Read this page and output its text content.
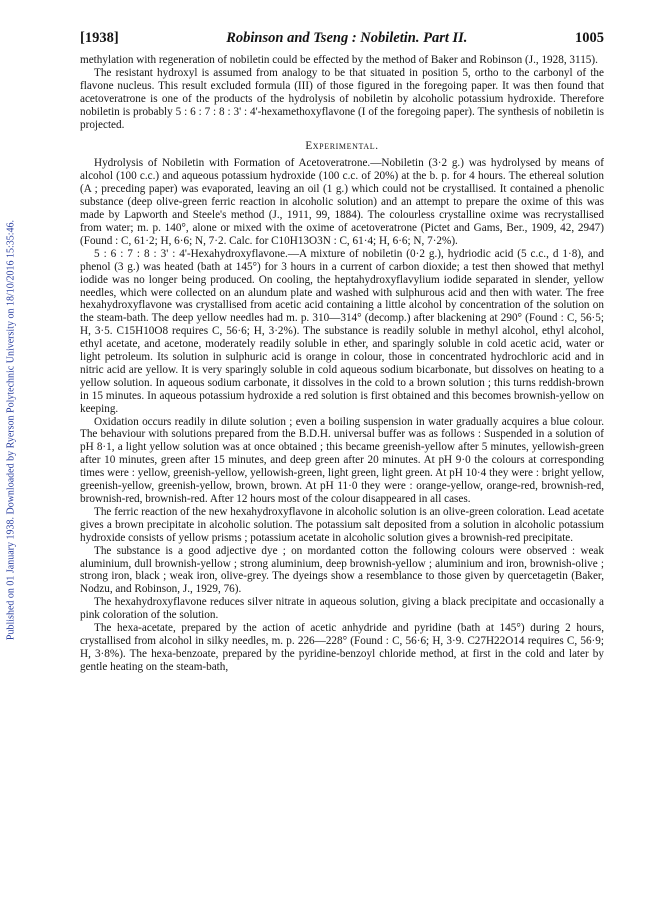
Published on 01 January 1938. Downloaded by Ryerson Polytechnic University on 18/10/2016 15:35:46.
[1938]	Robinson and Tseng : Nobiletin. Part II.	1005

methylation with regeneration of nobiletin could be effected by the method of Baker and Robinson (J., 1928, 3115).

The resistant hydroxyl is assumed from analogy to be that situated in position 5, ortho to the carbonyl of the flavone nucleus. This result excluded formula (III) of those figured in the foregoing paper. It was then found that acetoveratrone is one of the products of the hydrolysis of nobiletin by alcoholic potassium hydroxide. Therefore nobiletin is probably 5 : 6 : 7 : 8 : 3' : 4'-hexamethoxyflavone (I of the foregoing paper). The synthesis of nobiletin is projected.

Experimental.

Hydrolysis of Nobiletin with Formation of Acetoveratrone.—Nobiletin (3·2 g.) was hydrolysed by means of alcohol (100 c.c.) and aqueous potassium hydroxide (100 c.c. of 20%) at the b. p. for 4 hours. The ethereal solution (A ; preceding paper) was evaporated, leaving an oil (1 g.) which could not be crystallised. It contained a phenolic substance (deep olive-green ferric reaction in alcoholic solution) and an attempt to prepare the oxime of this was made by Lapworth and Steele's method (J., 1911, 99, 1884). The colourless crystalline oxime was recrystallised from water; m. p. 140°, alone or mixed with the oxime of acetoveratrone (Pictet and Gams, Ber., 1909, 42, 2947) (Found : C, 61·2; H, 6·6; N, 7·2. Calc. for C10H13O3N : C, 61·4; H, 6·6; N, 7·2%).

5 : 6 : 7 : 8 : 3' : 4'-Hexahydroxyflavone.—A mixture of nobiletin (0·2 g.), hydriodic acid (5 c.c., d 1·8), and phenol (3 g.) was heated (bath at 145°) for 3 hours in a current of carbon dioxide; a test then showed that methyl iodide was no longer being produced. On cooling, the heptahydroxyflavylium iodide separated in slender, yellow needles, which were collected on an alundum plate and washed with sulphurous acid and then with water. The free hexahydroxyflavone was crystallised from acetic acid containing a little alcohol by concentration of the solution on the steam-bath. The deep yellow needles had m. p. 310—314° (decomp.) after blackening at 290° (Found : C, 56·5; H, 3·5. C15H10O8 requires C, 56·6; H, 3·2%). The substance is readily soluble in methyl alcohol, ethyl alcohol, ethyl acetate, and acetone, moderately readily soluble in ether, and sparingly soluble in cold acetic acid, water or light petroleum. Its solution in sulphuric acid is orange in colour, those in concentrated hydrochloric acid and in nitric acid are yellow. It is very sparingly soluble in cold aqueous sodium bicarbonate, but dissolves on heating to a yellow solution. In aqueous sodium carbonate, it dissolves in the cold to a brown solution ; this turns reddish-brown in 15 minutes. In aqueous potassium hydroxide a red solution is first obtained and this becomes brownish-yellow on keeping.

Oxidation occurs readily in dilute solution ; even a boiling suspension in water gradually acquires a blue colour. The behaviour with solutions prepared from the B.D.H. universal buffer was as follows : Suspended in a solution of pH 8·1, a light yellow solution was at once obtained ; this became greenish-yellow after 5 minutes, yellowish-green after 10 minutes, green after 15 minutes, and deep green after 20 minutes. At pH 9·0 the colours at corresponding times were : yellow, greenish-yellow, yellowish-green, light green, light green. At pH 10·4 they were : bright yellow, greenish-yellow, greenish-yellow, brown, brown. At pH 11·0 they were : orange-yellow, orange-red, brownish-red, brownish-red, brownish-red. After 12 hours most of the colour disappeared in all cases.

The ferric reaction of the new hexahydroxyflavone in alcoholic solution is an olive-green coloration. Lead acetate gives a brown precipitate in alcoholic solution. The potassium salt deposited from a solution in alcoholic potassium hydroxide consists of yellow prisms ; potassium acetate in alcoholic solution gives a brownish-red precipitate.

The substance is a good adjective dye ; on mordanted cotton the following colours were observed : weak aluminium, dull brownish-yellow ; strong aluminium, deep brownish-yellow ; aluminium and iron, brownish-olive ; strong iron, black ; weak iron, olive-grey. The dyeings show a resemblance to those given by quercetagetin (Baker, Nodzu, and Robinson, J., 1929, 76).

The hexahydroxyflavone reduces silver nitrate in aqueous solution, giving a black precipitate and occasionally a pink coloration of the solution.

The hexa-acetate, prepared by the action of acetic anhydride and pyridine (bath at 145°) during 2 hours, crystallised from alcohol in silky needles, m. p. 226—228° (Found : C, 56·6; H, 3·9. C27H22O14 requires C, 56·9; H, 3·8%). The hexa-benzoate, prepared by the pyridine-benzoyl chloride method, at first in the cold and later by gentle heating on the steam-bath,
